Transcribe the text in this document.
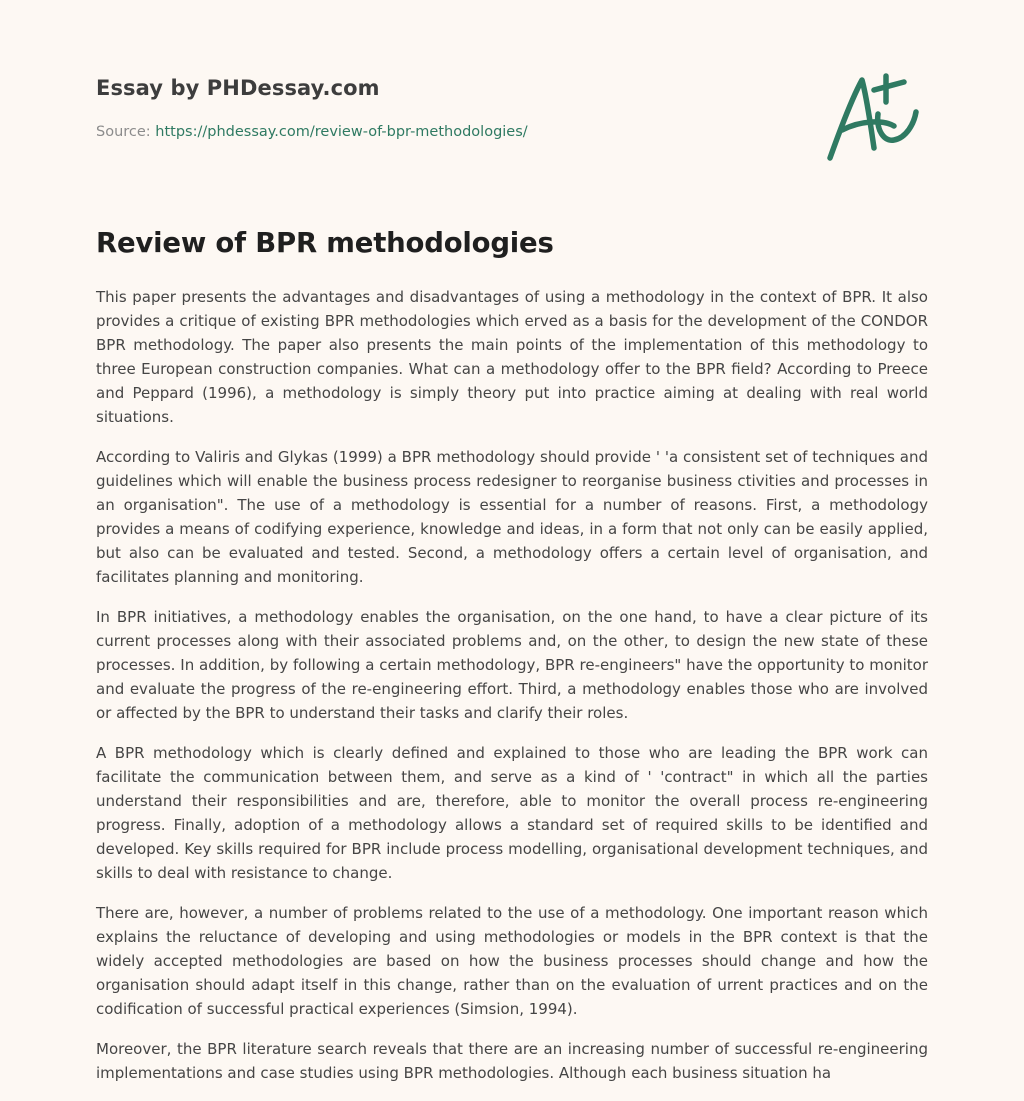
Essay by PHDessay.com

Source: https://phdessay.com/review-of-bpr-methodologies/

Review of BPR methodologies

This paper presents the advantages and disadvantages of using a methodology in the context of BPR. It also provides a critique of existing BPR methodologies which erved as a basis for the development of the CONDOR BPR methodology. The paper also presents the main points of the implementation of this methodology to three European construction companies. What can a methodology offer to the BPR field? According to Preece and Peppard (1996), a methodology is simply theory put into practice aiming at dealing with real world situations.

According to Valiris and Glykas (1999) a BPR methodology should provide ' 'a consistent set of techniques and guidelines which will enable the business process redesigner to reorganise business ctivities and processes in an organisation". The use of a methodology is essential for a number of reasons. First, a methodology provides a means of codifying experience, knowledge and ideas, in a form that not only can be easily applied, but also can be evaluated and tested. Second, a methodology offers a certain level of organisation, and facilitates planning and monitoring.

In BPR initiatives, a methodology enables the organisation, on the one hand, to have a clear picture of its current processes along with their associated problems and, on the other, to design the new state of these processes. In addition, by following a certain methodology, BPR re-engineers" have the opportunity to monitor and evaluate the progress of the re-engineering effort. Third, a methodology enables those who are involved or affected by the BPR to understand their tasks and clarify their roles.

A BPR methodology which is clearly defined and explained to those who are leading the BPR work can facilitate the communication between them, and serve as a kind of ' 'contract" in which all the parties understand their responsibilities and are, therefore, able to monitor the overall process re-engineering progress. Finally, adoption of a methodology allows a standard set of required skills to be identified and developed. Key skills required for BPR include process modelling, organisational development techniques, and skills to deal with resistance to change.

There are, however, a number of problems related to the use of a methodology. One important reason which explains the reluctance of developing and using methodologies or models in the BPR context is that the widely accepted methodologies are based on how the business processes should change and how the organisation should adapt itself in this change, rather than on the evaluation of urrent practices and on the codification of successful practical experiences (Simsion, 1994).

Moreover, the BPR literature search reveals that there are an increasing number of successful re-engineering implementations and case studies using BPR methodologies. Although each business situation ha
